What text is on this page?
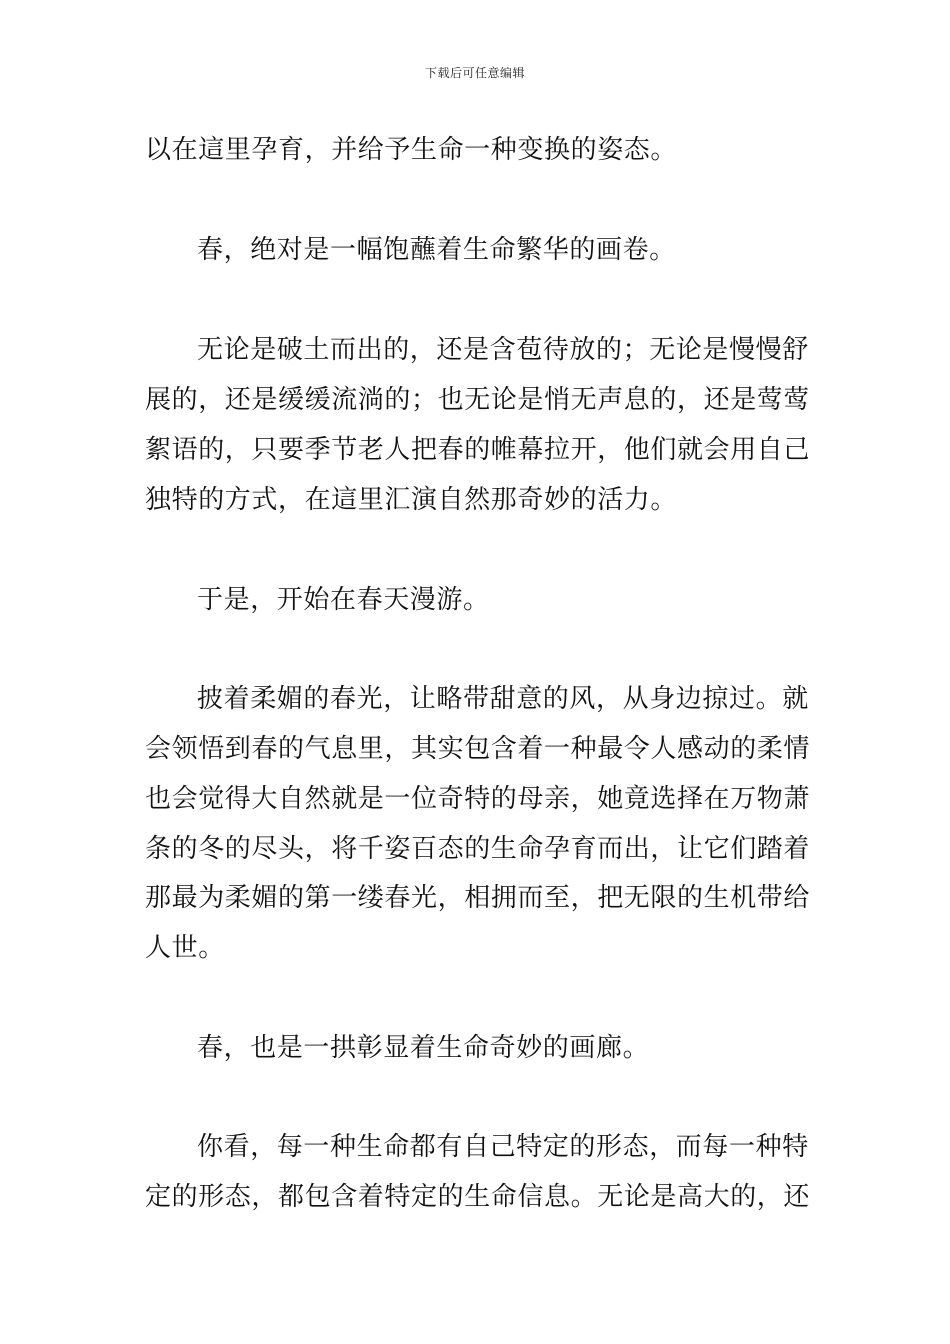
下载后可任意编辑
以在這里孕育，并给予生命一种变换的姿态。
春，绝对是一幅饱蘸着生命繁华的画卷。
无论是破土而出的，还是含苞待放的；无论是慢慢舒
展的，还是缓缓流淌的；也无论是悄无声息的，还是莺莺
絮语的，只要季节老人把春的帷幕拉开，他们就会用自己
独特的方式，在這里汇演自然那奇妙的活力。
于是，开始在春天漫游。
披着柔媚的春光，让略带甜意的风，从身边掠过。就
会领悟到春的气息里，其实包含着一种最令人感动的柔情
也会觉得大自然就是一位奇特的母亲，她竟选择在万物萧
条的冬的尽头，将千姿百态的生命孕育而出，让它们踏着
那最为柔媚的第一缕春光，相拥而至，把无限的生机带给
人世。
春，也是一拱彰显着生命奇妙的画廊。
你看，每一种生命都有自己特定的形态，而每一种特
定的形态，都包含着特定的生命信息。无论是高大的，还
